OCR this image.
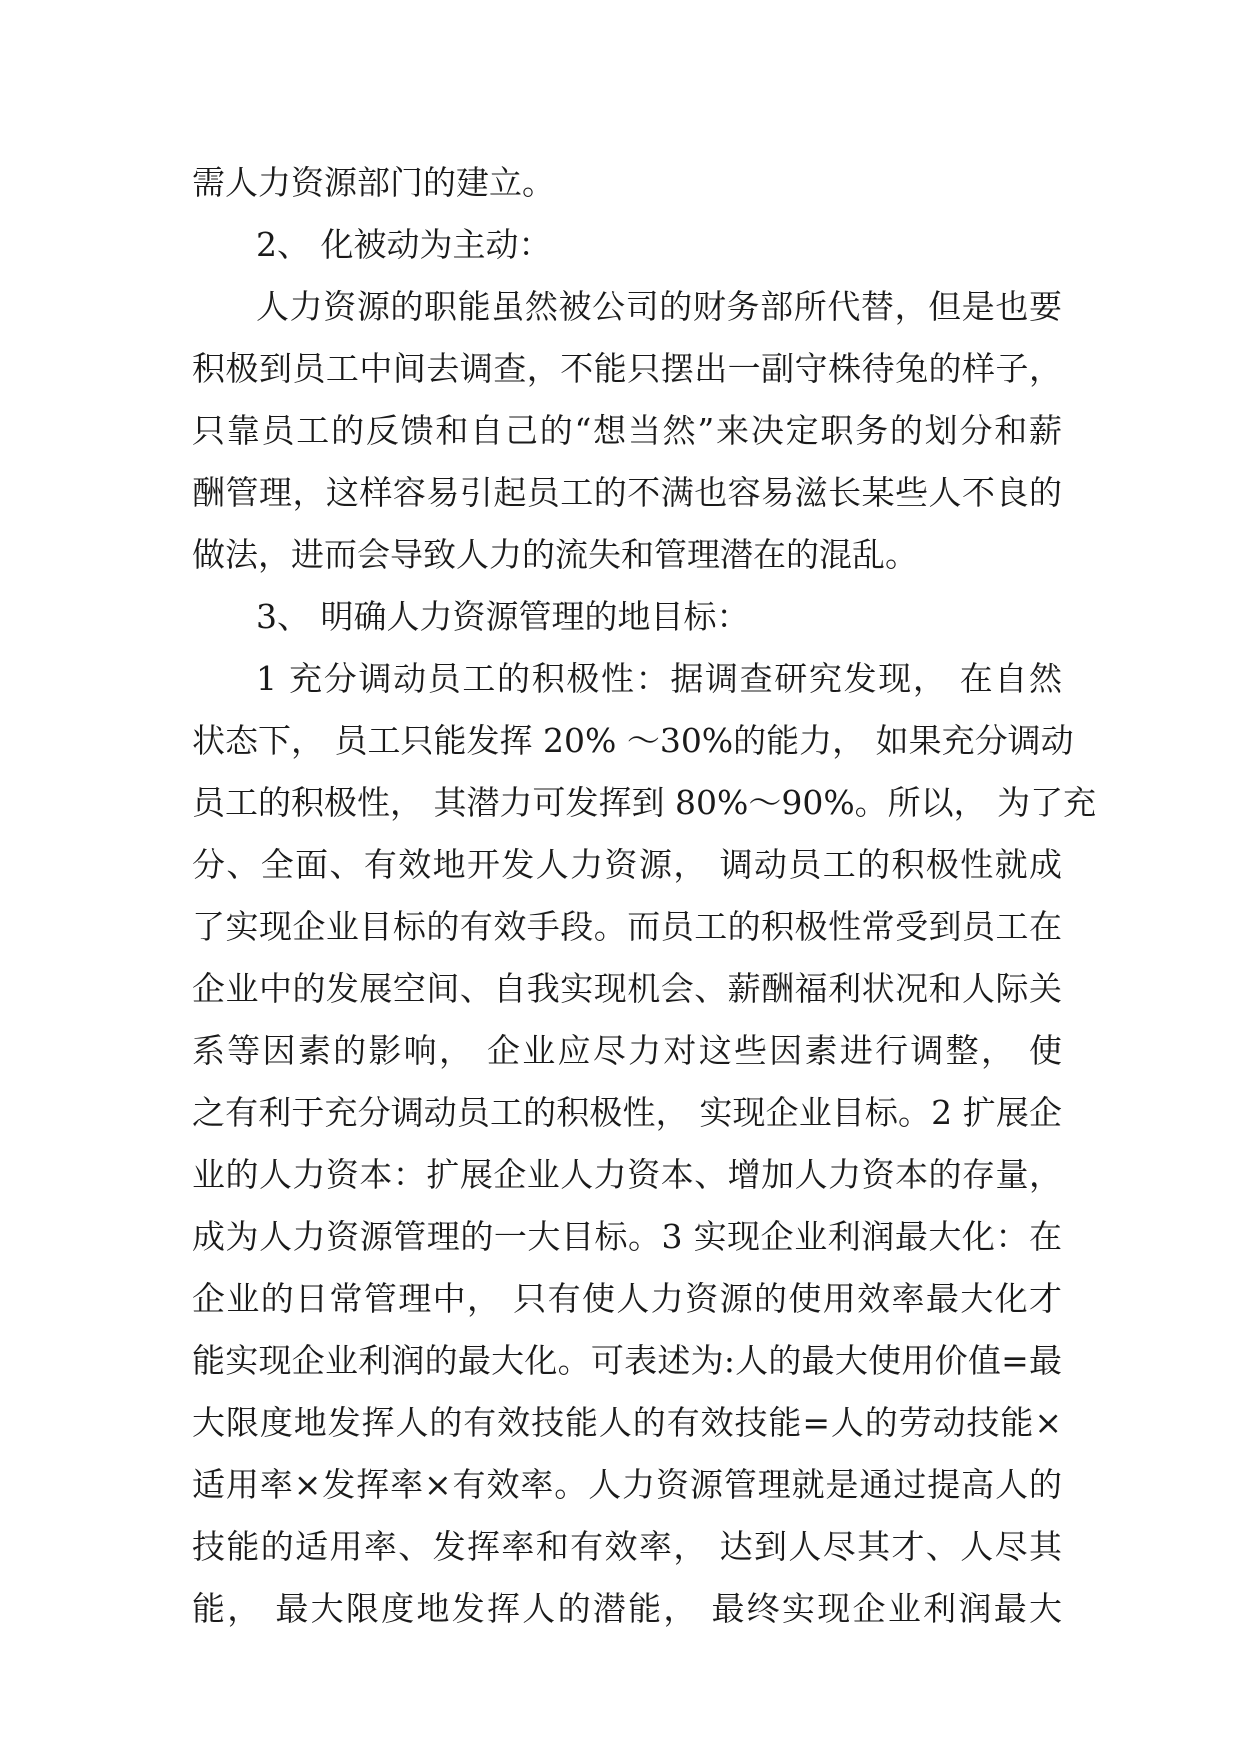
需人力资源部门的建立。
2、 化被动为主动：
人力资源的职能虽然被公司的财务部所代替，但是也要
积极到员工中间去调查，不能只摆出一副守株待兔的样子，
只靠员工的反馈和自己的“想当然”来决定职务的划分和薪
酬管理，这样容易引起员工的不满也容易滋长某些人不良的
做法，进而会导致人力的流失和管理潜在的混乱。
3、 明确人力资源管理的地目标：
1 充分调动员工的积极性：据调查研究发现， 在自然
状态下， 员工只能发挥 20% ～30%的能力， 如果充分调动
员工的积极性， 其潜力可发挥到 80%～90%。所以， 为了充
分、全面、有效地开发人力资源， 调动员工的积极性就成
了实现企业目标的有效手段。而员工的积极性常受到员工在
企业中的发展空间、自我实现机会、薪酬福利状况和人际关
系等因素的影响， 企业应尽力对这些因素进行调整， 使
之有利于充分调动员工的积极性， 实现企业目标。2 扩展企
业的人力资本：扩展企业人力资本、增加人力资本的存量，
成为人力资源管理的一大目标。3 实现企业利润最大化：在
企业的日常管理中， 只有使人力资源的使用效率最大化才
能实现企业利润的最大化。可表述为:人的最大使用价值=最
大限度地发挥人的有效技能人的有效技能=人的劳动技能×
适用率×发挥率×有效率。人力资源管理就是通过提高人的
技能的适用率、发挥率和有效率， 达到人尽其才、人尽其
能， 最大限度地发挥人的潜能， 最终实现企业利润最大
